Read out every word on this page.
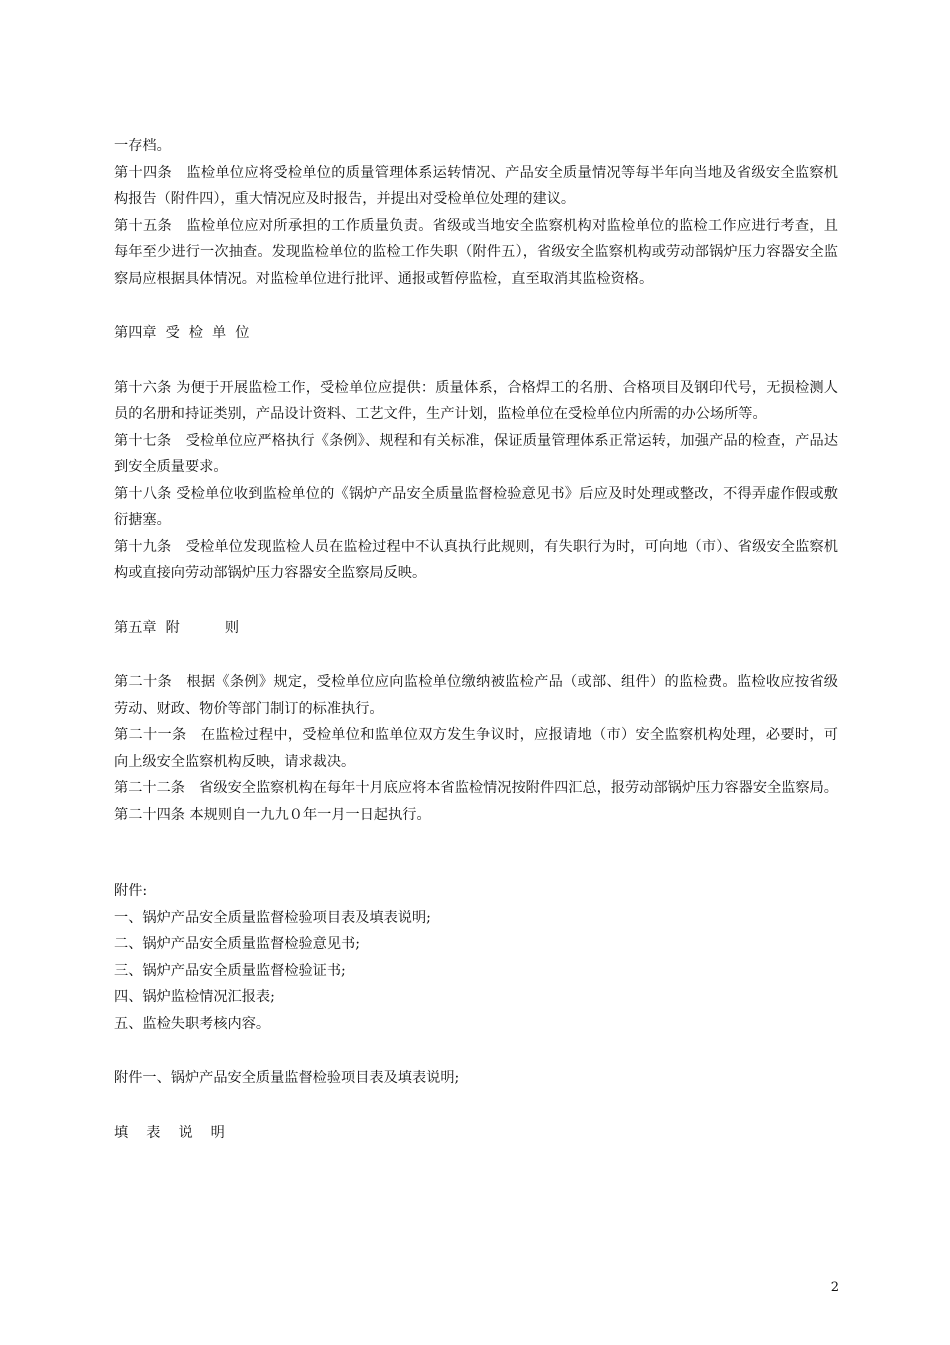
一存档。
第十四条　监检单位应将受检单位的质量管理体系运转情况、产品安全质量情况等每半年向当地及省级安全监察机
构报告（附件四），重大情况应及时报告，并提出对受检单位处理的建议。
第十五条　监检单位应对所承担的工作质量负责。省级或当地安全监察机构对监检单位的监检工作应进行考查，且
每年至少进行一次抽查。发现监检单位的监检工作失职（附件五），省级安全监察机构或劳动部锅炉压力容器安全监
察局应根据具体情况。对监检单位进行批评、通报或暂停监检，直至取消其监检资格。
第四章  受  检  单  位
第十六条 为便于开展监检工作，受检单位应提供：质量体系，合格焊工的名册、合格项目及钢印代号，无损检测人
员的名册和持证类别，产品设计资料、工艺文件，生产计划，监检单位在受检单位内所需的办公场所等。
第十七条　受检单位应严格执行《条例》、规程和有关标准，保证质量管理体系正常运转，加强产品的检查，产品达
到安全质量要求。
第十八条 受检单位收到监检单位的《锅炉产品安全质量监督检验意见书》后应及时处理或整改，不得弄虚作假或敷
衍搪塞。
第十九条　受检单位发现监检人员在监检过程中不认真执行此规则，有失职行为时，可向地（市）、省级安全监察机
构或直接向劳动部锅炉压力容器安全监察局反映。
第五章  附          则
第二十条　根据《条例》规定，受检单位应向监检单位缴纳被监检产品（或部、组件）的监检费。监检收应按省级
劳动、财政、物价等部门制订的标准执行。
第二十一条　在监检过程中，受检单位和监单位双方发生争议时，应报请地（市）安全监察机构处理，必要时，可
向上级安全监察机构反映，请求裁决。
第二十二条　省级安全监察机构在每年十月底应将本省监检情况按附件四汇总，报劳动部锅炉压力容器安全监察局。
第二十四条 本规则自一九九０年一月一日起执行。
附件:
一、锅炉产品安全质量监督检验项目表及填表说明;
二、锅炉产品安全质量监督检验意见书;
三、锅炉产品安全质量监督检验证书;
四、锅炉监检情况汇报表;
五、监检失职考核内容。
附件一、锅炉产品安全质量监督检验项目表及填表说明;
填    表    说    明
2
